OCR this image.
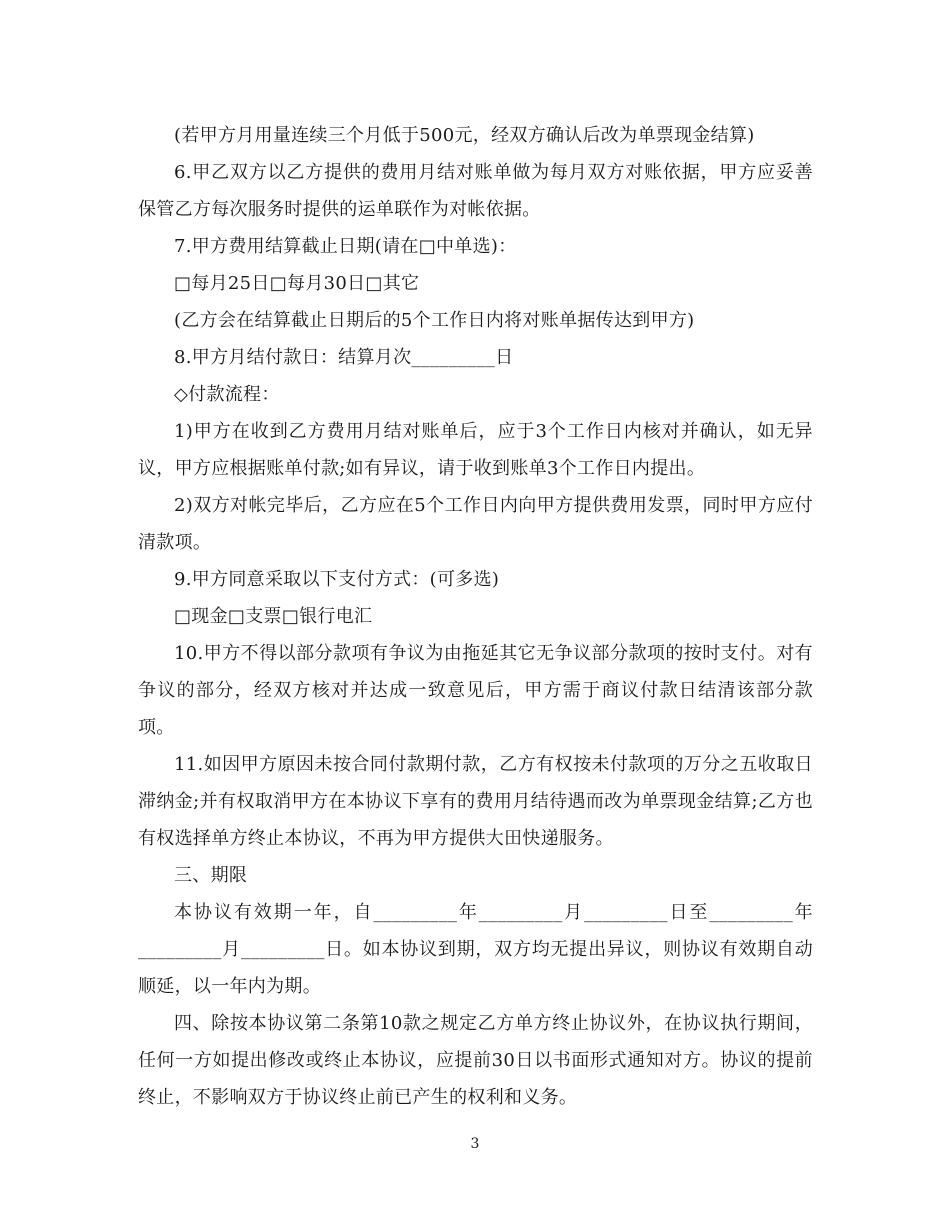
(若甲方月用量连续三个月低于500元，经双方确认后改为单票现金结算)

6.甲乙双方以乙方提供的费用月结对账单做为每月双方对账依据，甲方应妥善保管乙方每次服务时提供的运单联作为对帐依据。

7.甲方费用结算截止日期(请在□中单选)：

□每月25日□每月30日□其它

(乙方会在结算截止日期后的5个工作日内将对账单据传达到甲方)

8.甲方月结付款日：结算月次_________日

◇付款流程：

1)甲方在收到乙方费用月结对账单后，应于3个工作日内核对并确认，如无异议，甲方应根据账单付款;如有异议，请于收到账单3个工作日内提出。

2)双方对帐完毕后，乙方应在5个工作日内向甲方提供费用发票，同时甲方应付清款项。

9.甲方同意采取以下支付方式：(可多选)

□现金□支票□银行电汇

10.甲方不得以部分款项有争议为由拖延其它无争议部分款项的按时支付。对有争议的部分，经双方核对并达成一致意见后，甲方需于商议付款日结清该部分款项。

11.如因甲方原因未按合同付款期付款，乙方有权按未付款项的万分之五收取日滞纳金;并有权取消甲方在本协议下享有的费用月结待遇而改为单票现金结算;乙方也有权选择单方终止本协议，不再为甲方提供大田快递服务。

三、期限

本协议有效期一年，自_________年_________月_________日至_________年_________月_________日。如本协议到期，双方均无提出异议，则协议有效期自动顺延，以一年内为期。

四、除按本协议第二条第10款之规定乙方单方终止协议外，在协议执行期间，任何一方如提出修改或终止本协议，应提前30日以书面形式通知对方。协议的提前终止，不影响双方于协议终止前已产生的权利和义务。

3
